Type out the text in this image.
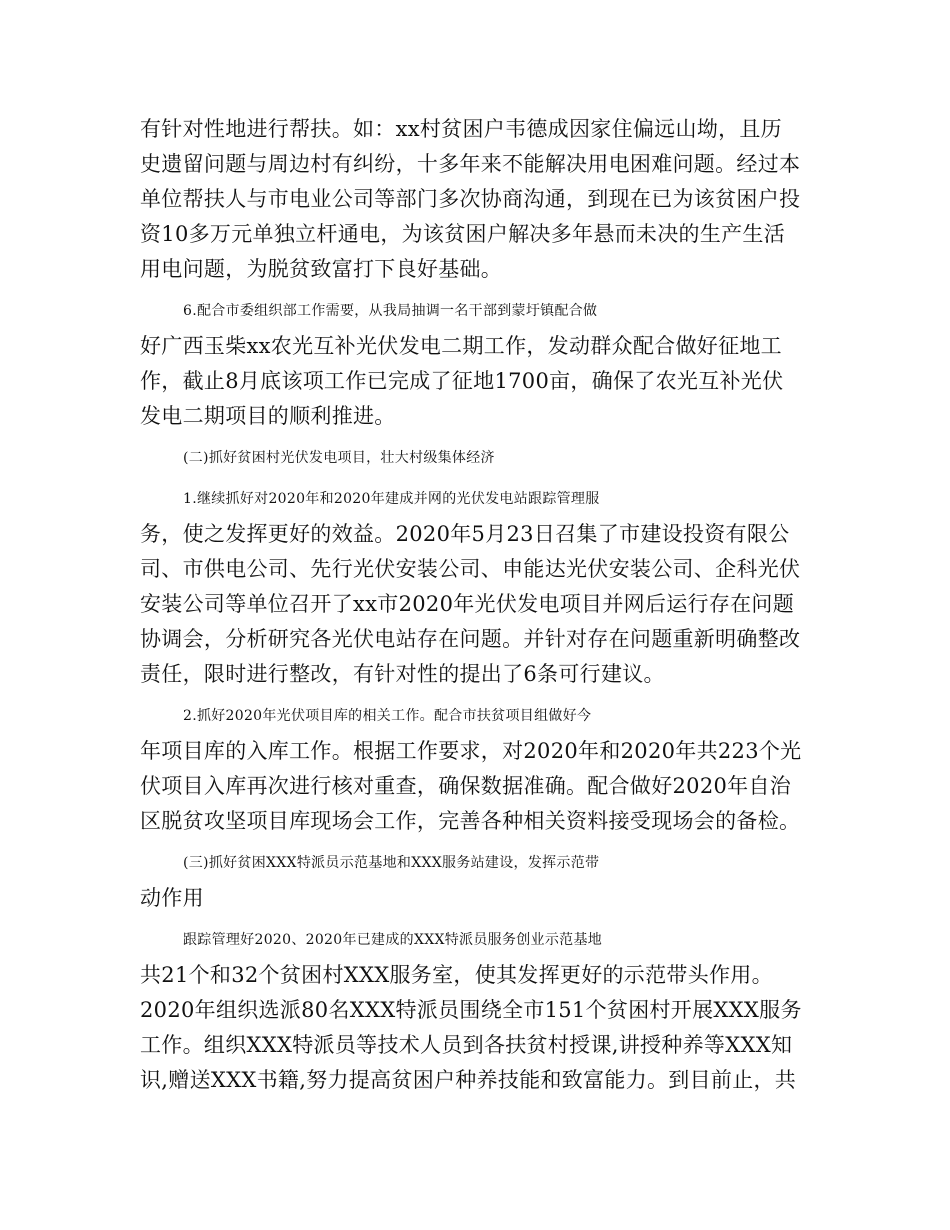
有针对性地进行帮扶。如：xx村贫困户韦德成因家住偏远山坳，且历
史遗留问题与周边村有纠纷，十多年来不能解决用电困难问题。经过本
单位帮扶人与市电业公司等部门多次协商沟通，到现在已为该贫困户投
资10多万元单独立杆通电，为该贫困户解决多年悬而未决的生产生活
用电问题，为脱贫致富打下良好基础。
6.配合市委组织部工作需要，从我局抽调一名干部到蒙圩镇配合做
好广西玉柴xx农光互补光伏发电二期工作，发动群众配合做好征地工
作，截止8月底该项工作已完成了征地1700亩，确保了农光互补光伏
发电二期项目的顺利推进。
(二)抓好贫困村光伏发电项目，壮大村级集体经济
1.继续抓好对2020年和2020年建成并网的光伏发电站跟踪管理服
务，使之发挥更好的效益。2020年5月23日召集了市建设投资有限公
司、市供电公司、先行光伏安装公司、申能达光伏安装公司、企科光伏
安装公司等单位召开了xx市2020年光伏发电项目并网后运行存在问题
协调会，分析研究各光伏电站存在问题。并针对存在问题重新明确整改
责任，限时进行整改，有针对性的提出了6条可行建议。
2.抓好2020年光伏项目库的相关工作。配合市扶贫项目组做好今
年项目库的入库工作。根据工作要求，对2020年和2020年共223个光
伏项目入库再次进行核对重查，确保数据准确。配合做好2020年自治
区脱贫攻坚项目库现场会工作，完善各种相关资料接受现场会的备检。
(三)抓好贫困XXX特派员示范基地和XXX服务站建设，发挥示范带
动作用
跟踪管理好2020、2020年已建成的XXX特派员服务创业示范基地
共21个和32个贫困村XXX服务室，使其发挥更好的示范带头作用。
2020年组织选派80名XXX特派员围绕全市151个贫困村开展XXX服务
工作。组织XXX特派员等技术人员到各扶贫村授课,讲授种养等XXX知
识,赠送XXX书籍,努力提高贫困户种养技能和致富能力。到目前止，共
